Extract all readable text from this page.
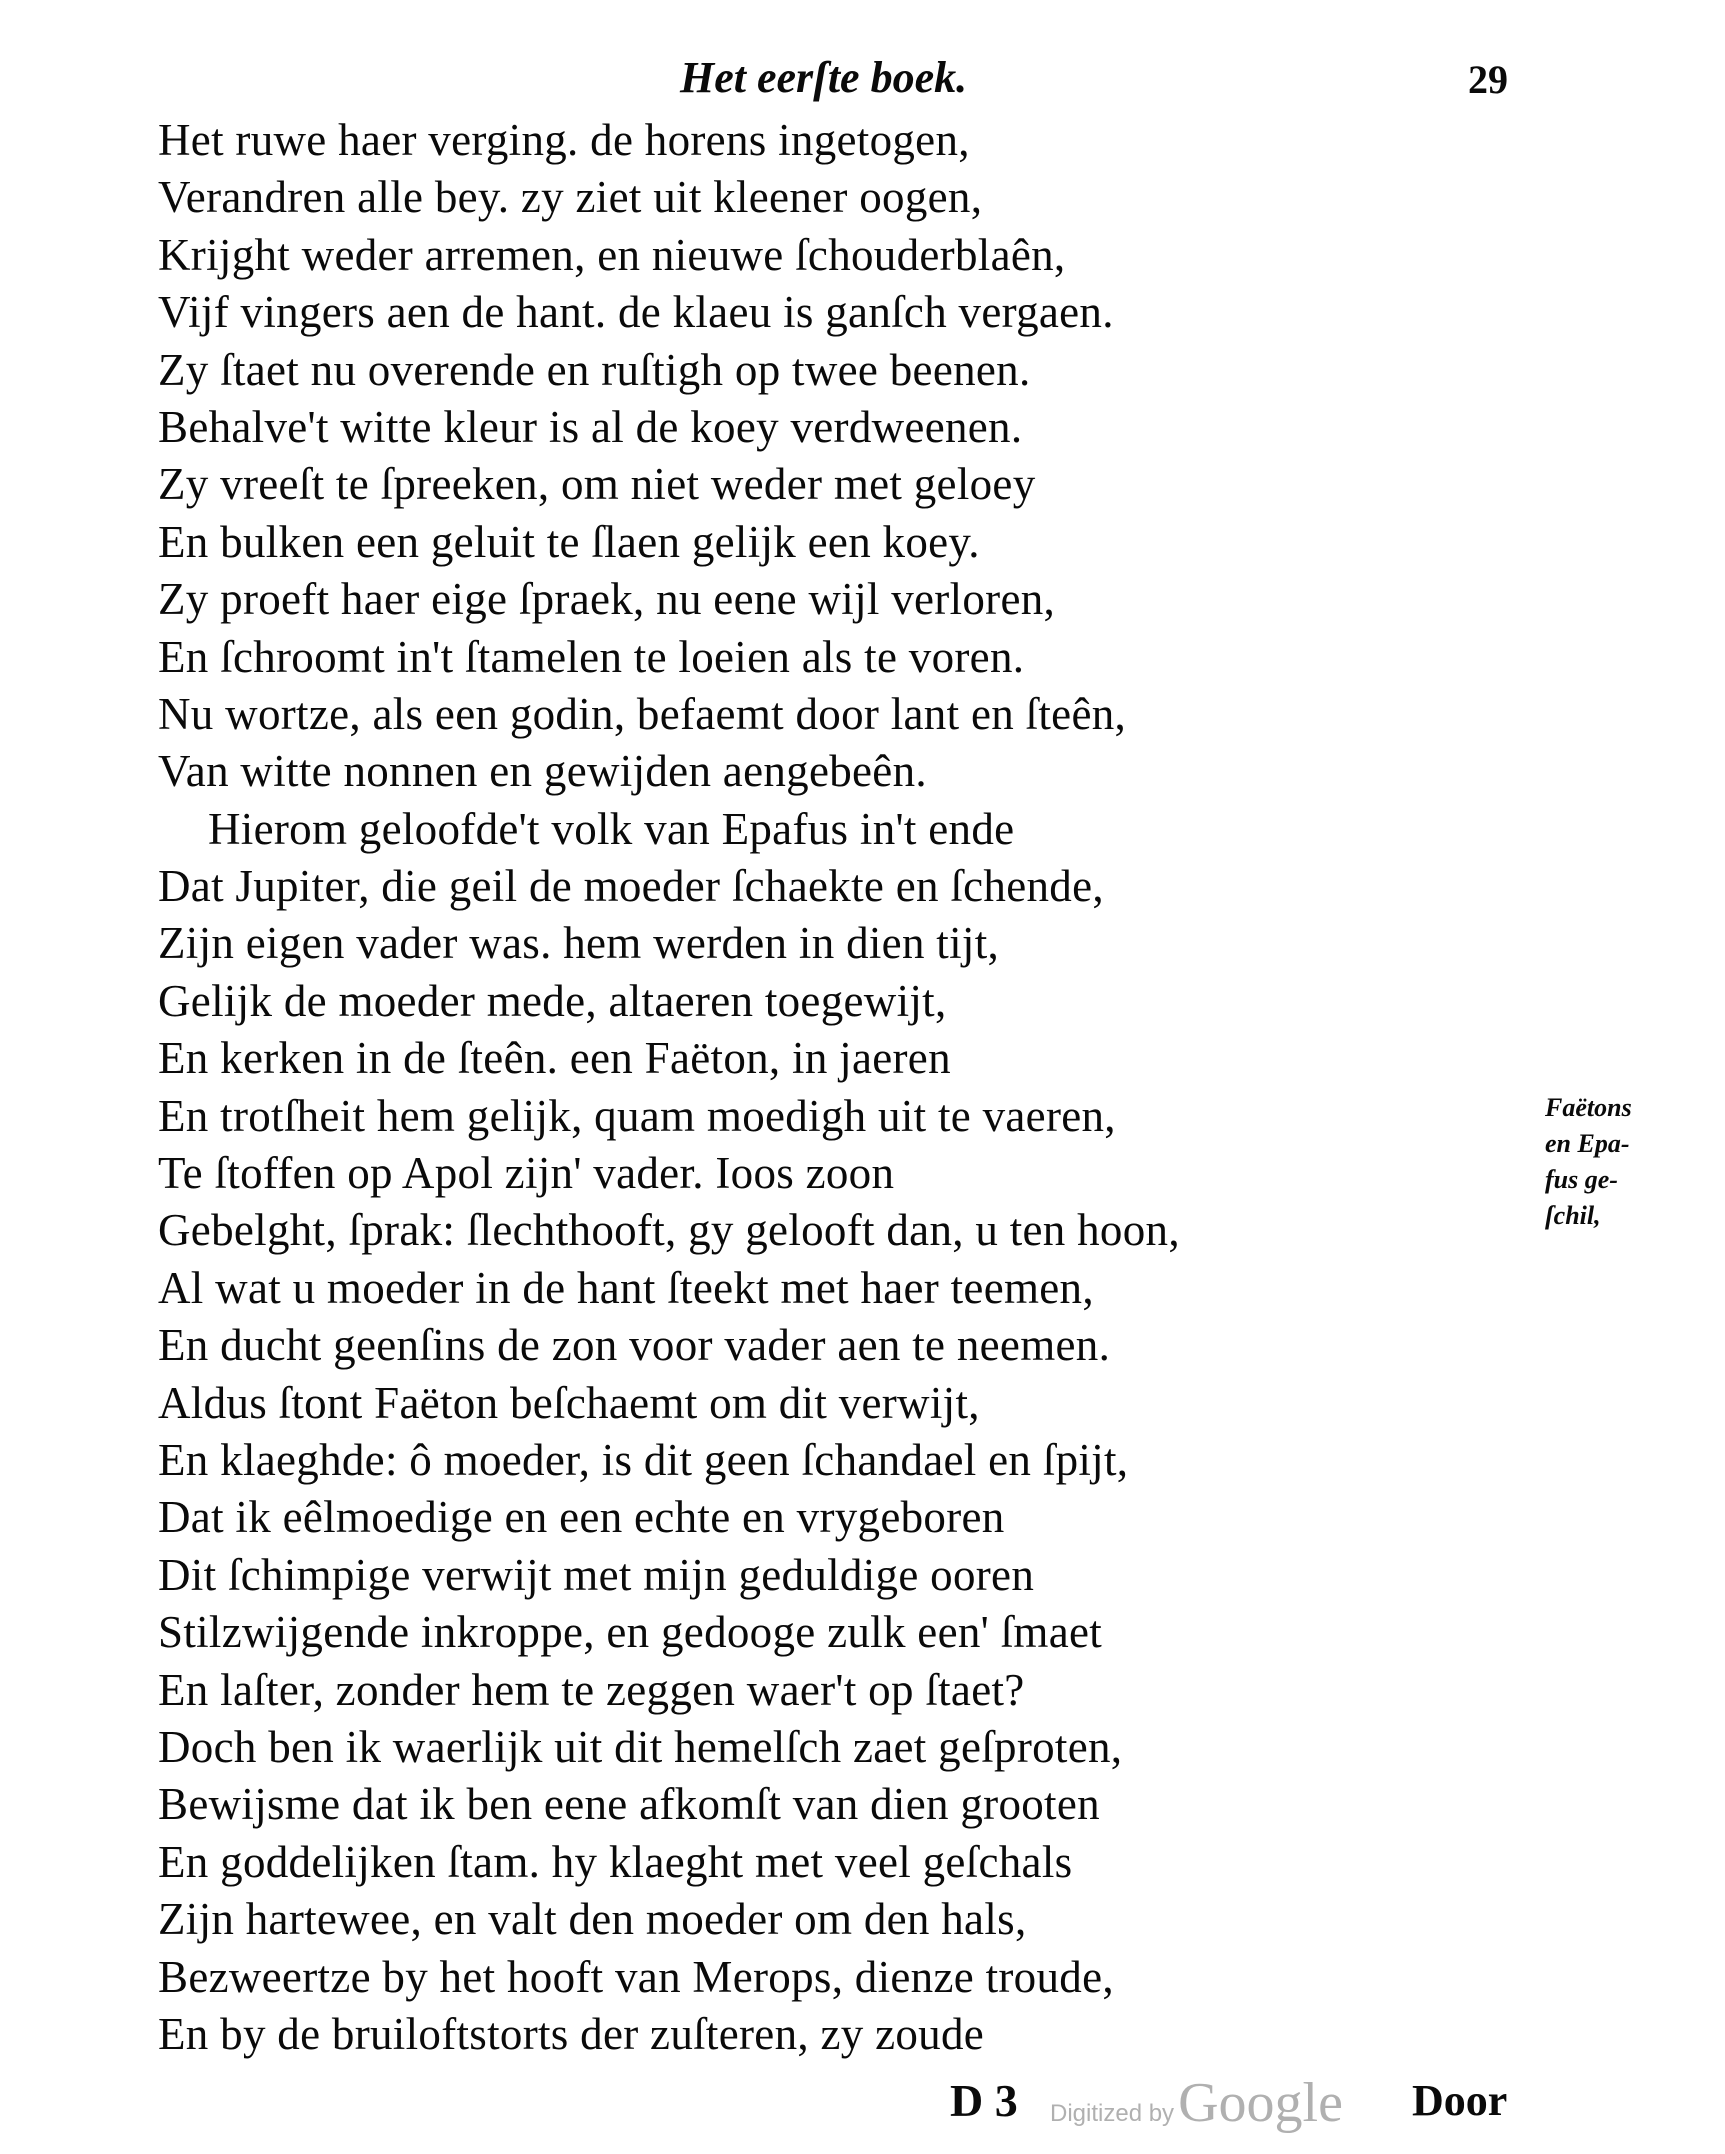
Het eerſte boek.	29
Het ruwe haer verging. de horens ingetogen,
Verandren alle bey. zy ziet uit kleener oogen,
Krijght weder arremen, en nieuwe ſchouderblaên,
Vijf vingers aen de hant. de klaeu is ganſch vergaen.
Zy ſtaet nu overende en ruſtigh op twee beenen.
Behalve't witte kleur is al de koey verdweenen.
Zy vreeſt te ſpreeken, om niet weder met geloey
En bulken een geluit te ſlaen gelijk een koey.
Zy proeft haer eige ſpraek, nu eene wijl verloren,
En ſchroomt in't ſtamelen te loeien als te voren.
Nu wortze, als een godin, befaemt door lant en ſteên,
Van witte nonnen en gewijden aengebeên.
Hierom geloofde't volk van Epafus in't ende
Dat Jupiter, die geil de moeder ſchaekte en ſchende,
Zijn eigen vader was. hem werden in dien tijt,
Gelijk de moeder mede, altaeren toegewijt,
En kerken in de ſteên. een Faëton, in jaeren
En trotſheit hem gelijk, quam moedigh uit te vaeren,
Te ſtoffen op Apol zijn' vader. Ioos zoon
Gebelght, ſprak: ſlechthooft, gy gelooft dan, u ten hoon,
Al wat u moeder in de hant ſteekt met haer teemen,
En ducht geenſins de zon voor vader aen te neemen.
Aldus ſtont Faëton beſchaemt om dit verwijt,
En klaeghde: ô moeder, is dit geen ſchandael en ſpijt,
Dat ik eêlmoedige en een echte en vrygeboren
Dit ſchimpige verwijt met mijn geduldige ooren
Stilzwijgende inkroppe, en gedooge zulk een' ſmaet
En laſter, zonder hem te zeggen waer't op ſtaet?
Doch ben ik waerlijk uit dit hemelſch zaet geſproten,
Bewijsme dat ik ben eene afkomſt van dien grooten
En goddelijken ſtam. hy klaeght met veel geſchals
Zijn hartewee, en valt den moeder om den hals,
Bezweertze by het hooft van Merops, dienze troude,
En by de bruiloftstorts der zuſteren, zy zoude
Faëtons
en Epa-
fus ge-
ſchil,
D 3 Digitized by Google Door
